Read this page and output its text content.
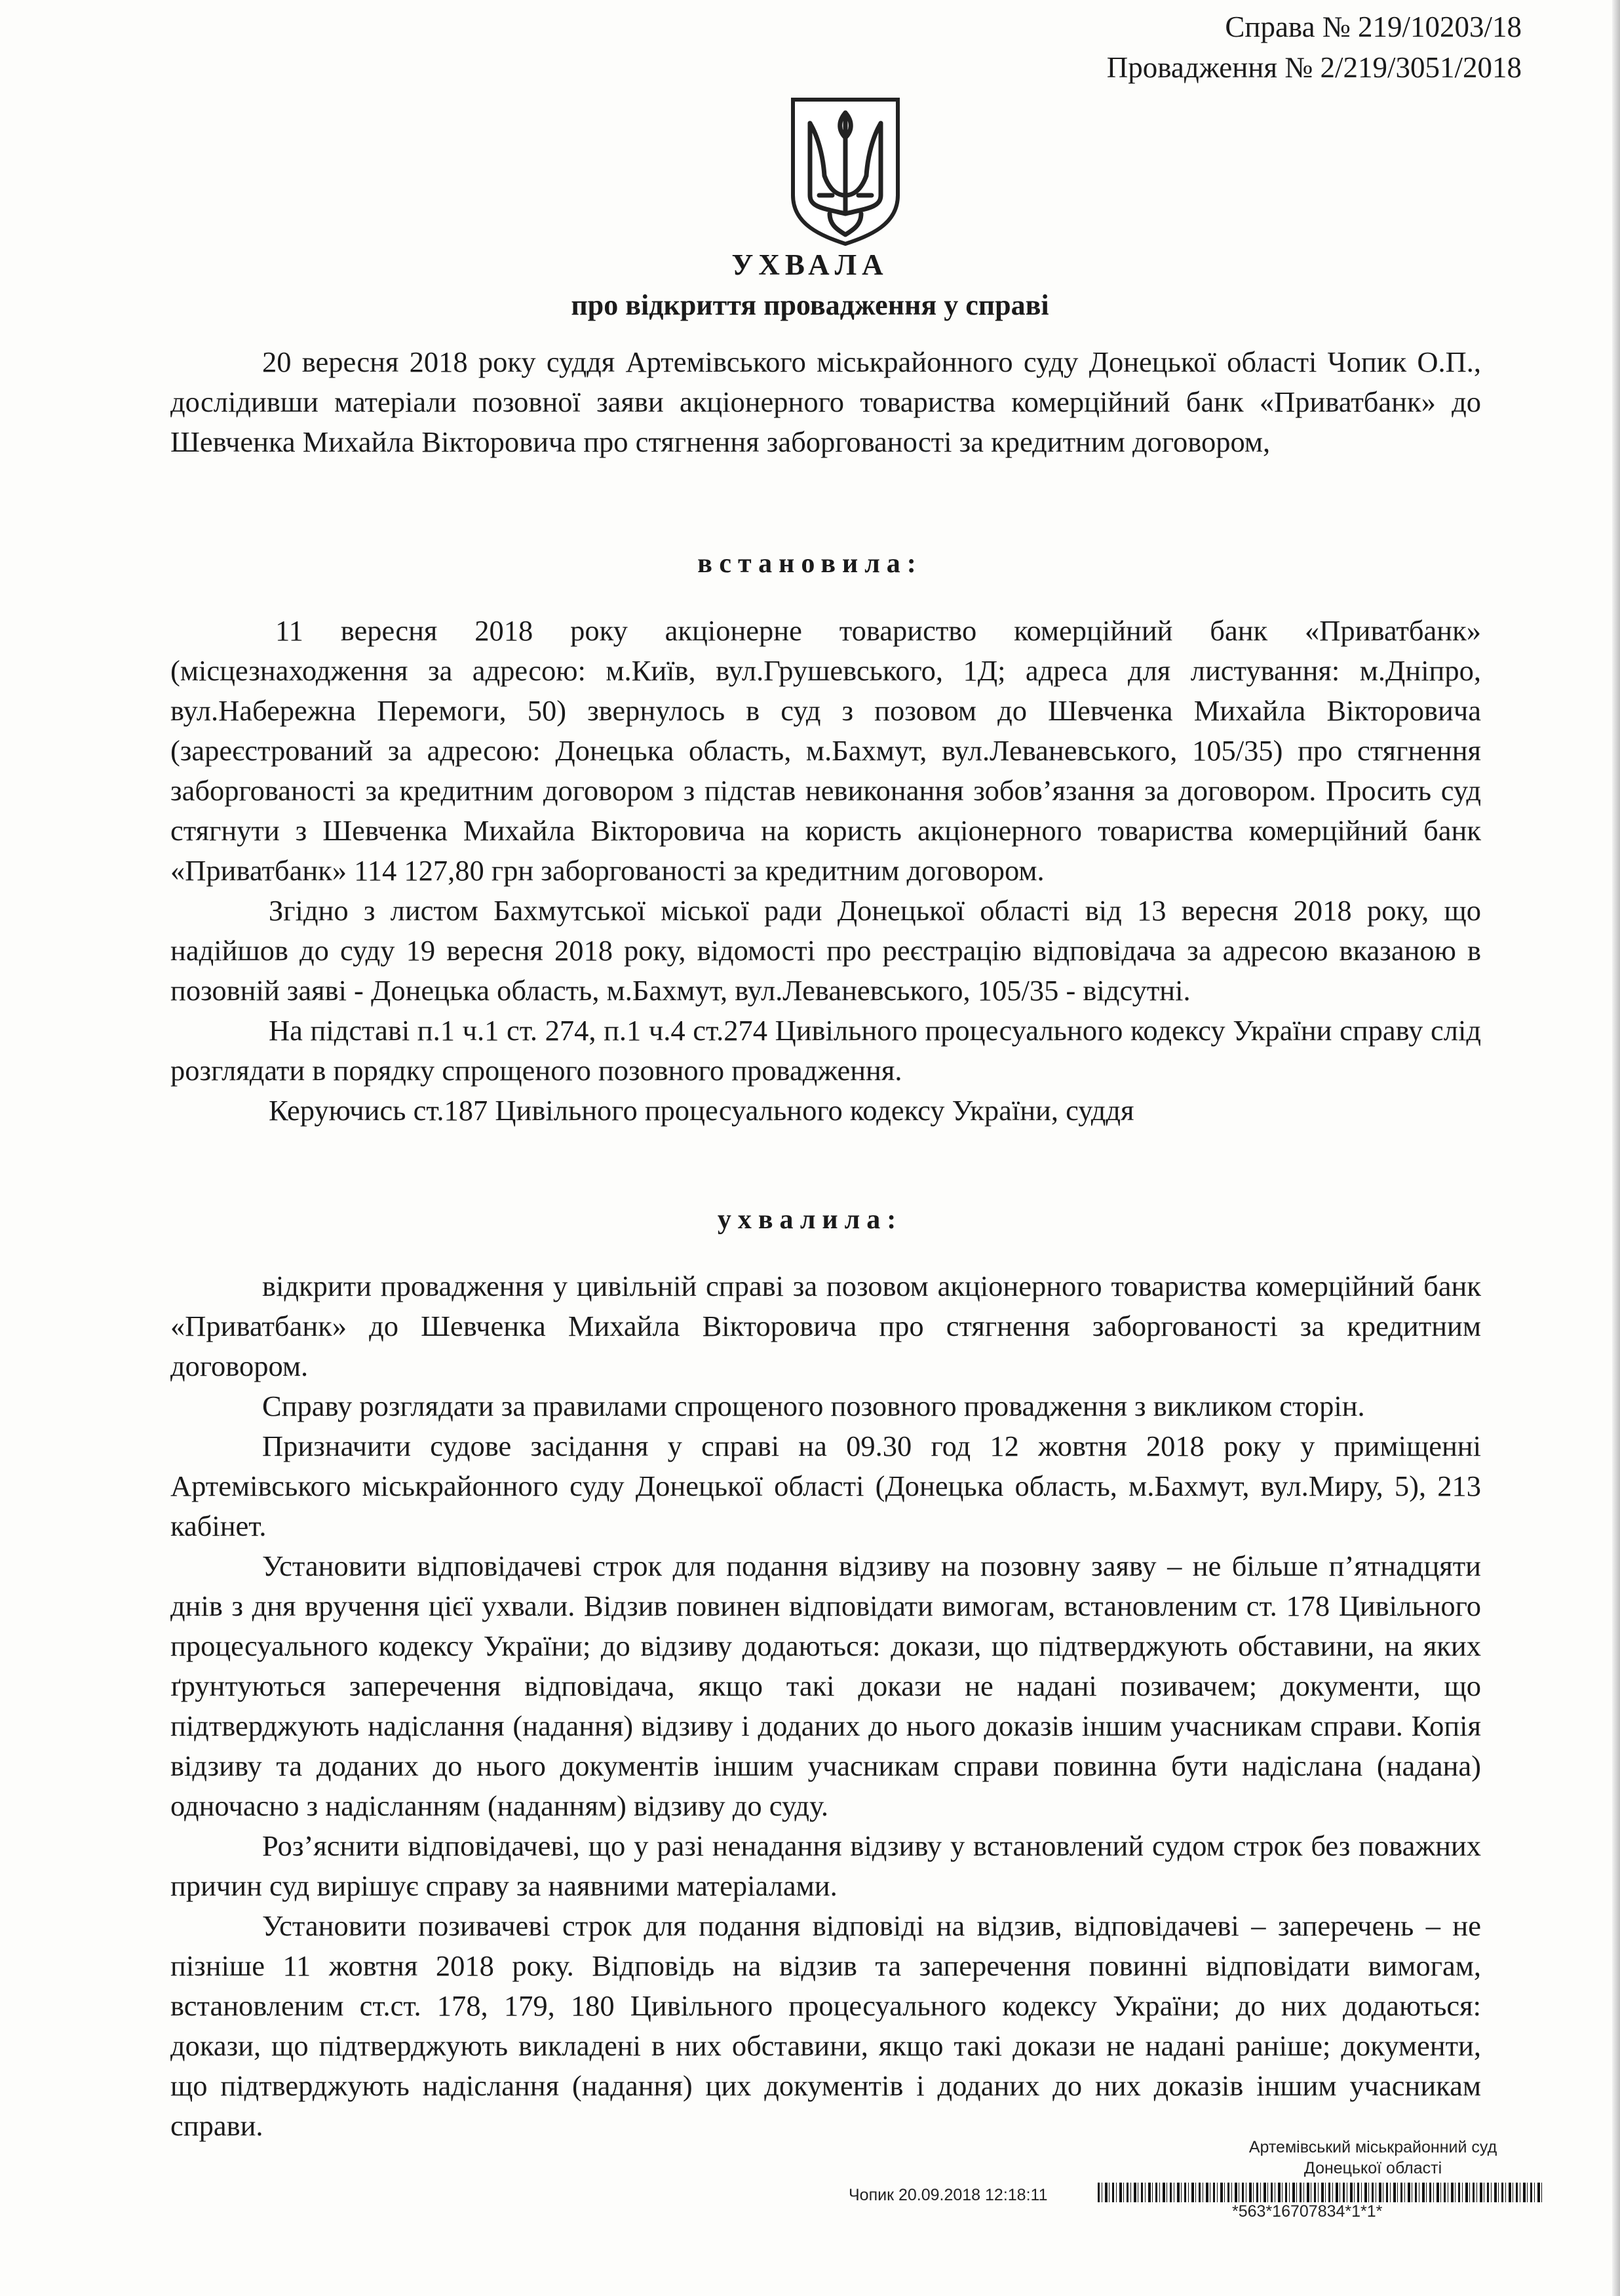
Справа № 219/10203/18
Провадження № 2/219/3051/2018
УХВАЛА
про відкриття провадження у справі

20 вересня 2018 року суддя Артемівського міськрайонного суду Донецької області Чопик О.П., дослідивши матеріали позовної заяви акціонерного товариства комерційний банк «Приватбанк» до Шевченка Михайла Вікторовича про стягнення заборгованості за кредитним договором,

встановила:

11 вересня 2018 року акціонерне товариство комерційний банк «Приватбанк» (місцезнаходження за адресою: м.Київ, вул.Грушевського, 1Д; адреса для листування: м.Дніпро, вул.Набережна Перемоги, 50) звернулось в суд з позовом до Шевченка Михайла Вікторовича (зареєстрований за адресою: Донецька область, м.Бахмут, вул.Леваневського, 105/35) про стягнення заборгованості за кредитним договором з підстав невиконання зобов’язання за договором. Просить суд стягнути з Шевченка Михайла Вікторовича на користь акціонерного товариства комерційний банк «Приватбанк» 114 127,80 грн заборгованості за кредитним договором.

Згідно з листом Бахмутської міської ради Донецької області від 13 вересня 2018 року, що надійшов до суду 19 вересня 2018 року, відомості про реєстрацію відповідача за адресою вказаною в позовній заяві - Донецька область, м.Бахмут, вул.Леваневського, 105/35 - відсутні.

На підставі п.1 ч.1 ст. 274, п.1 ч.4 ст.274 Цивільного процесуального кодексу України справу слід розглядати в порядку спрощеного позовного провадження.

Керуючись ст.187 Цивільного процесуального кодексу України, суддя

ухвалила:

відкрити провадження у цивільній справі за позовом акціонерного товариства комерційний банк «Приватбанк» до Шевченка Михайла Вікторовича про стягнення заборгованості за кредитним договором.

Справу розглядати за правилами спрощеного позовного провадження з викликом сторін.

Призначити судове засідання у справі на 09.30 год 12 жовтня 2018 року у приміщенні Артемівського міськрайонного суду Донецької області (Донецька область, м.Бахмут, вул.Миру, 5), 213 кабінет.

Установити відповідачеві строк для подання відзиву на позовну заяву – не більше п’ятнадцяти днів з дня вручення цієї ухвали. Відзив повинен відповідати вимогам, встановленим ст. 178 Цивільного процесуального кодексу України; до відзиву додаються: докази, що підтверджують обставини, на яких ґрунтуються заперечення відповідача, якщо такі докази не надані позивачем; документи, що підтверджують надіслання (надання) відзиву і доданих до нього доказів іншим учасникам справи. Копія відзиву та доданих до нього документів іншим учасникам справи повинна бути надіслана (надана) одночасно з надісланням (наданням) відзиву до суду.

Роз’яснити відповідачеві, що у разі ненадання відзиву у встановлений судом строк без поважних причин суд вирішує справу за наявними матеріалами.

Установити позивачеві строк для подання відповіді на відзив, відповідачеві – заперечень – не пізніше 11 жовтня 2018 року. Відповідь на відзив та заперечення повинні відповідати вимогам, встановленим ст.ст. 178, 179, 180 Цивільного процесуального кодексу України; до них додаються: докази, що підтверджують викладені в них обставини, якщо такі докази не надані раніше; документи, що підтверджують надіслання (надання) цих документів і доданих до них доказів іншим учасникам справи.

Артемівський міськрайонний суд
Донецької області
Чопик 20.09.2018 12:18:11
*563*16707834*1*1*
